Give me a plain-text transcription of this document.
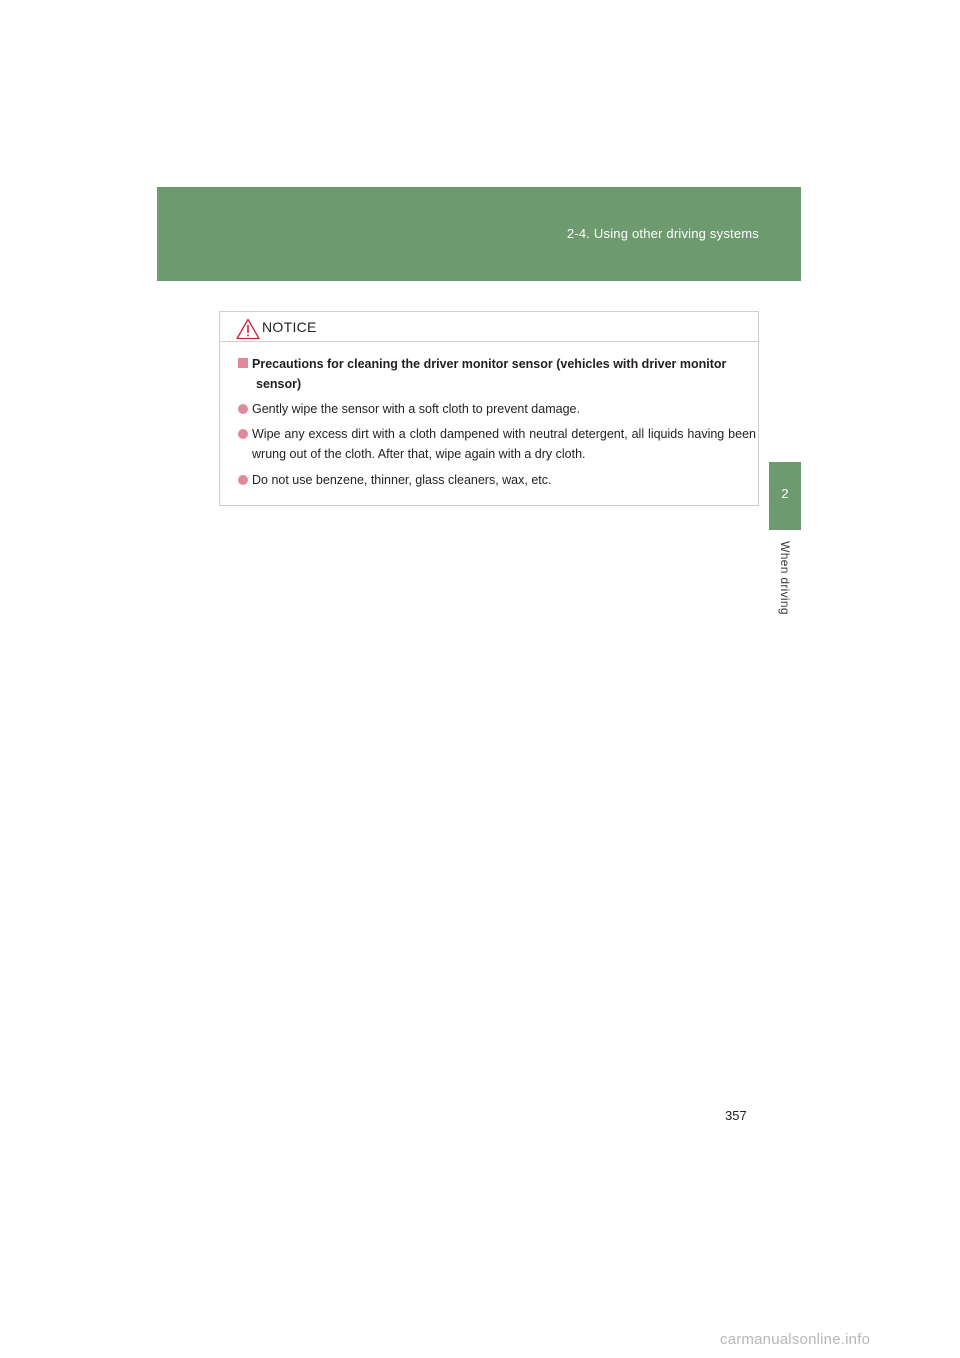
2-4. Using other driving systems
2
When driving
NOTICE
Precautions for cleaning the driver monitor sensor (vehicles with driver monitor
sensor)
Gently wipe the sensor with a soft cloth to prevent damage.
Wipe any excess dirt with a cloth dampened with neutral detergent, all liquids having been wrung out of the cloth. After that, wipe again with a dry cloth.
Do not use benzene, thinner, glass cleaners, wax, etc.
357
carmanualsonline.info
